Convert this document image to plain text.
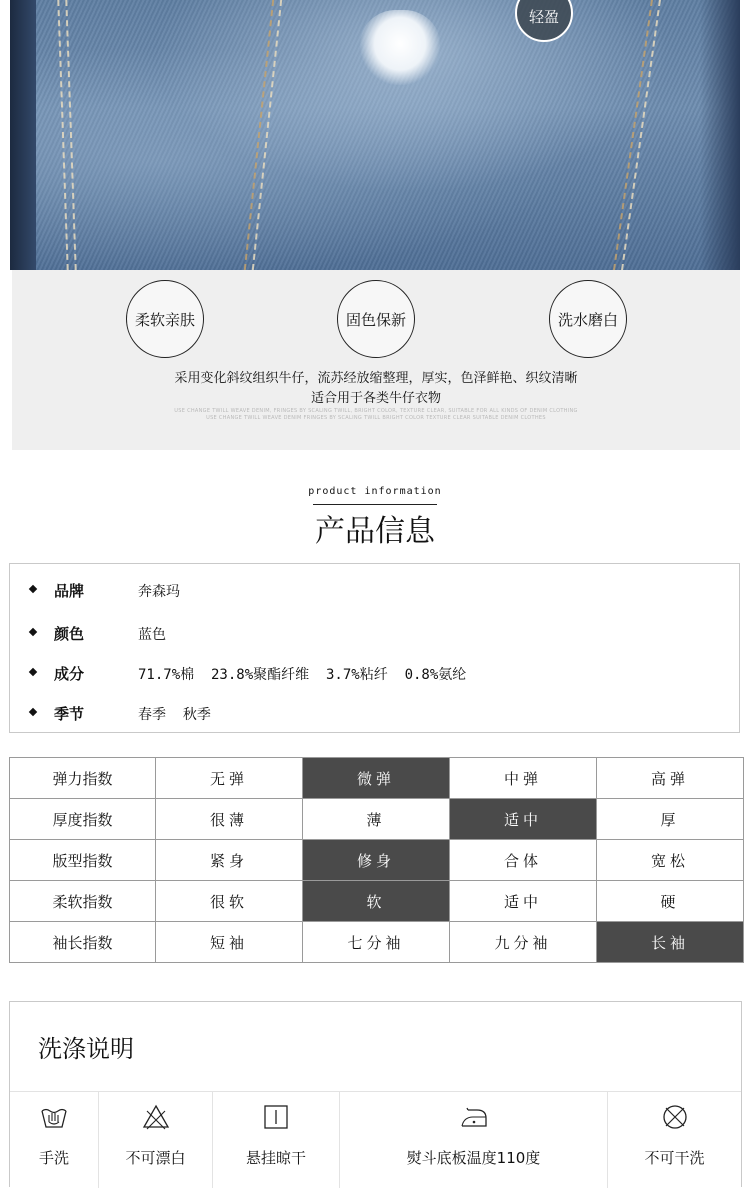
轻盈
柔软亲肤	固色保新	洗水磨白
采用变化斜纹组织牛仔，流苏经放缩整理，厚实，色泽鲜艳、织纹清晰
适合用于各类牛仔衣物
USE CHANGE TWILL WEAVE DENIM, FRINGES BY SCALING TWILL, BRIGHT COLOR, TEXTURE CLEAR, SUITABLE FOR ALL KINDS OF DENIM CLOTHING
USE CHANGE TWILL WEAVE DENIM FRINGES BY SCALING TWILL BRIGHT COLOR TEXTURE CLEAR SUITABLE DENIM CLOTHES
product information
产品信息
品牌	奔森玛
颜色	蓝色
成分	71.7%棉  23.8%聚酯纤维  3.7%粘纤  0.8%氨纶
季节	春季  秋季
弹力指数	无弹	微弹	中弹	高弹
厚度指数	很薄	薄	适中	厚
版型指数	紧身	修身	合体	宽松
柔软指数	很软	软	适中	硬
袖长指数	短袖	七分袖	九分袖	长袖
洗涤说明
手洗	不可漂白	悬挂晾干	熨斗底板温度110度	不可干洗
